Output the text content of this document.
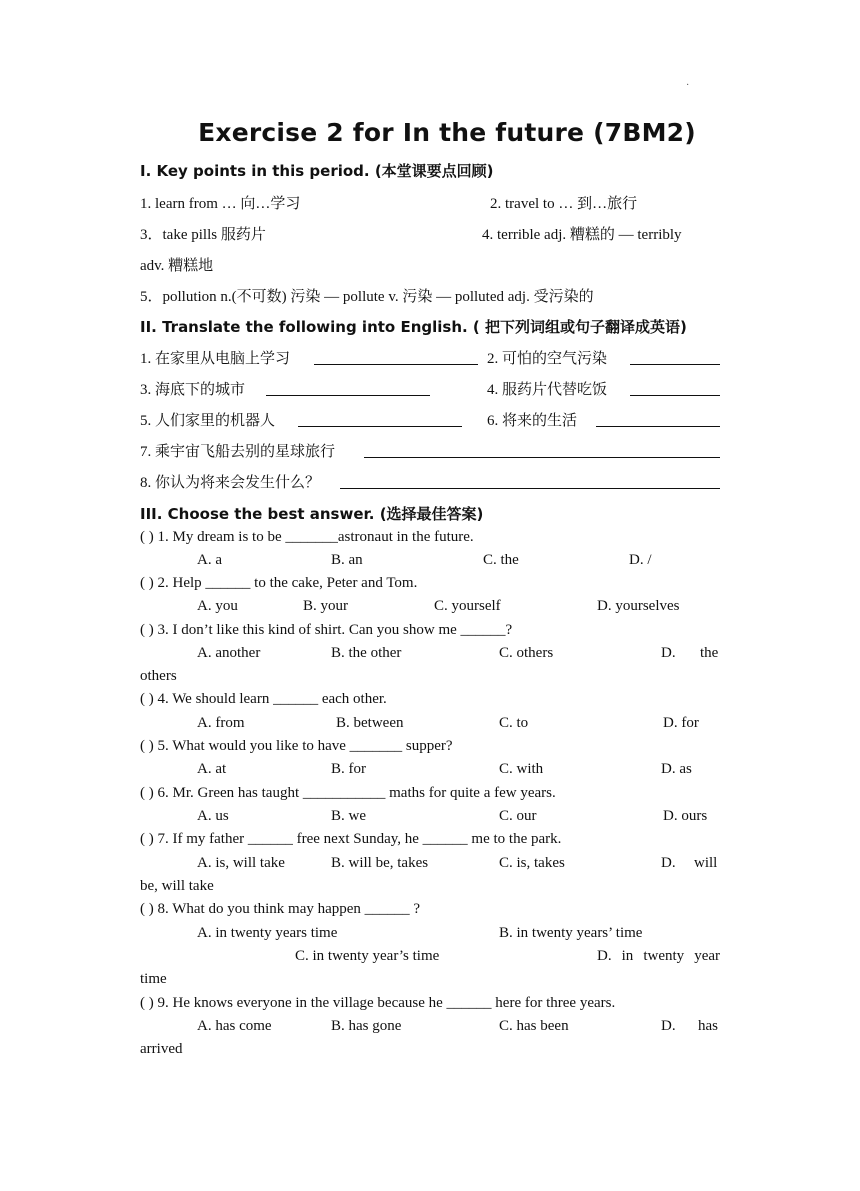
·
Exercise 2 for In the future (7BM2)
I. Key points in this period. (本堂课要点回顾)
1. learn from … 向…学习	2. travel to … 到…旅行
3．take pills 服药片	4. terrible adj. 糟糕的 — terribly
adv. 糟糕地
5．pollution n.(不可数) 污染 — pollute v. 污染 — polluted adj. 受污染的
II. Translate the following into English. ( 把下列词组或句子翻译成英语)
1. 在家里从电脑上学习	2. 可怕的空气污染
3. 海底下的城市	4. 服药片代替吃饭
5. 人们家里的机器人	6. 将来的生活
7. 乘宇宙飞船去别的星球旅行
8. 你认为将来会发生什么？
III. Choose the best answer. (选择最佳答案)
( ) 1. My dream is to be _______astronaut in the future.
A. a	B. an	C. the	D. /
( ) 2. Help ______ to the cake, Peter and Tom.
A. you	B. your	C. yourself	D. yourselves
( ) 3. I don’t like this kind of shirt. Can you show me ______?
A. another	B. the other	C. others	D. the
others
( ) 4. We should learn ______ each other.
A. from	B. between	C. to	D. for
( ) 5. What would you like to have _______ supper?
A. at	B. for	C. with	D. as
( ) 6. Mr. Green has taught ___________ maths for quite a few years.
A. us	B. we	C. our	D. ours
( ) 7. If my father ______ free next Sunday, he ______ me to the park.
A. is, will take	B. will be, takes	C. is, takes	D. will
be, will take
( ) 8. What do you think may happen ______ ?
A. in twenty years time	B. in twenty years’ time
C. in twenty year’s time	D. in twenty year
time
( ) 9. He knows everyone in the village because he ______ here for three years.
A. has come	B. has gone	C. has been	D. has
arrived
